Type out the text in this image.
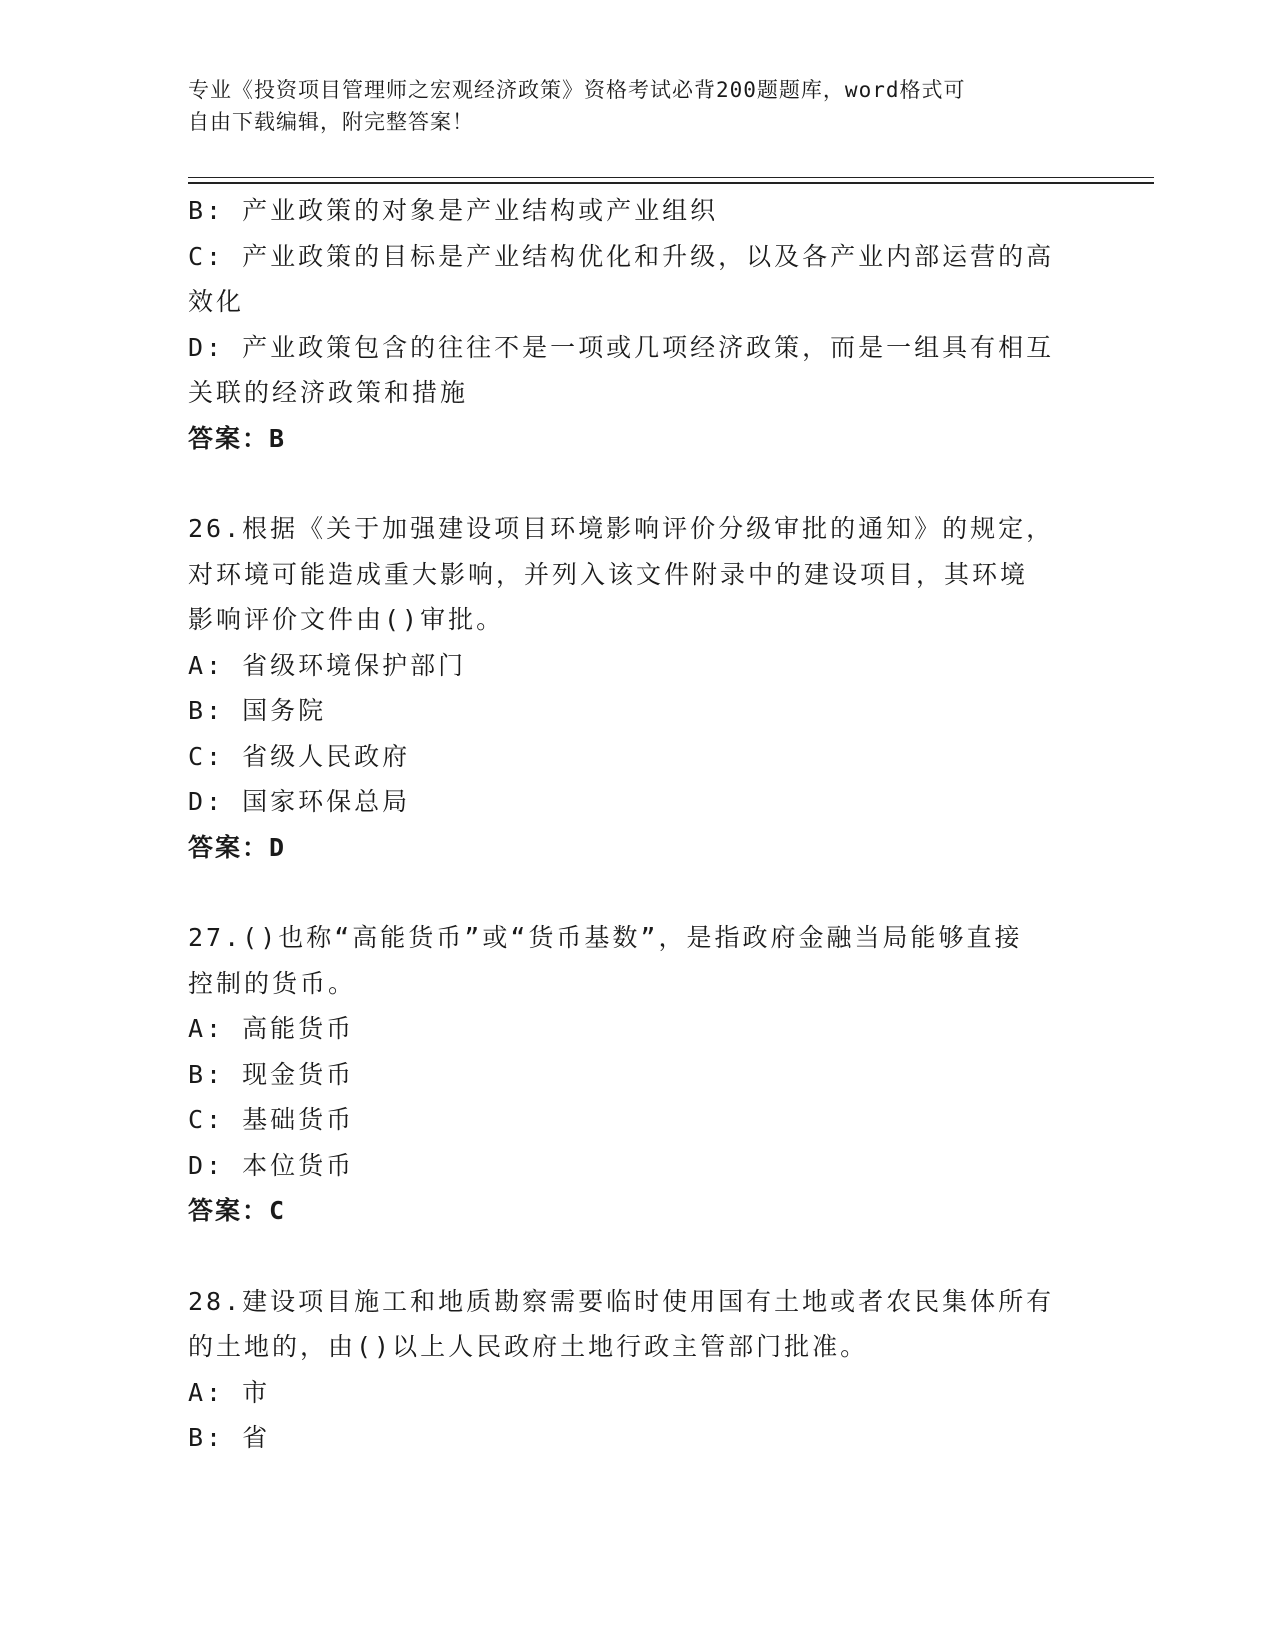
专业《投资项目管理师之宏观经济政策》资格考试必背200题题库，word格式可
自由下载编辑，附完整答案！
B: 产业政策的对象是产业结构或产业组织
C: 产业政策的目标是产业结构优化和升级，以及各产业内部运营的高
效化
D: 产业政策包含的往往不是一项或几项经济政策，而是一组具有相互
关联的经济政策和措施
答案：B
26.根据《关于加强建设项目环境影响评价分级审批的通知》的规定，
对环境可能造成重大影响，并列入该文件附录中的建设项目，其环境
影响评价文件由()审批。
A: 省级环境保护部门
B: 国务院
C: 省级人民政府
D: 国家环保总局
答案：D
27.()也称“高能货币”或“货币基数”，是指政府金融当局能够直接
控制的货币。
A: 高能货币
B: 现金货币
C: 基础货币
D: 本位货币
答案：C
28.建设项目施工和地质勘察需要临时使用国有土地或者农民集体所有
的土地的，由()以上人民政府土地行政主管部门批准。
A: 市
B: 省
